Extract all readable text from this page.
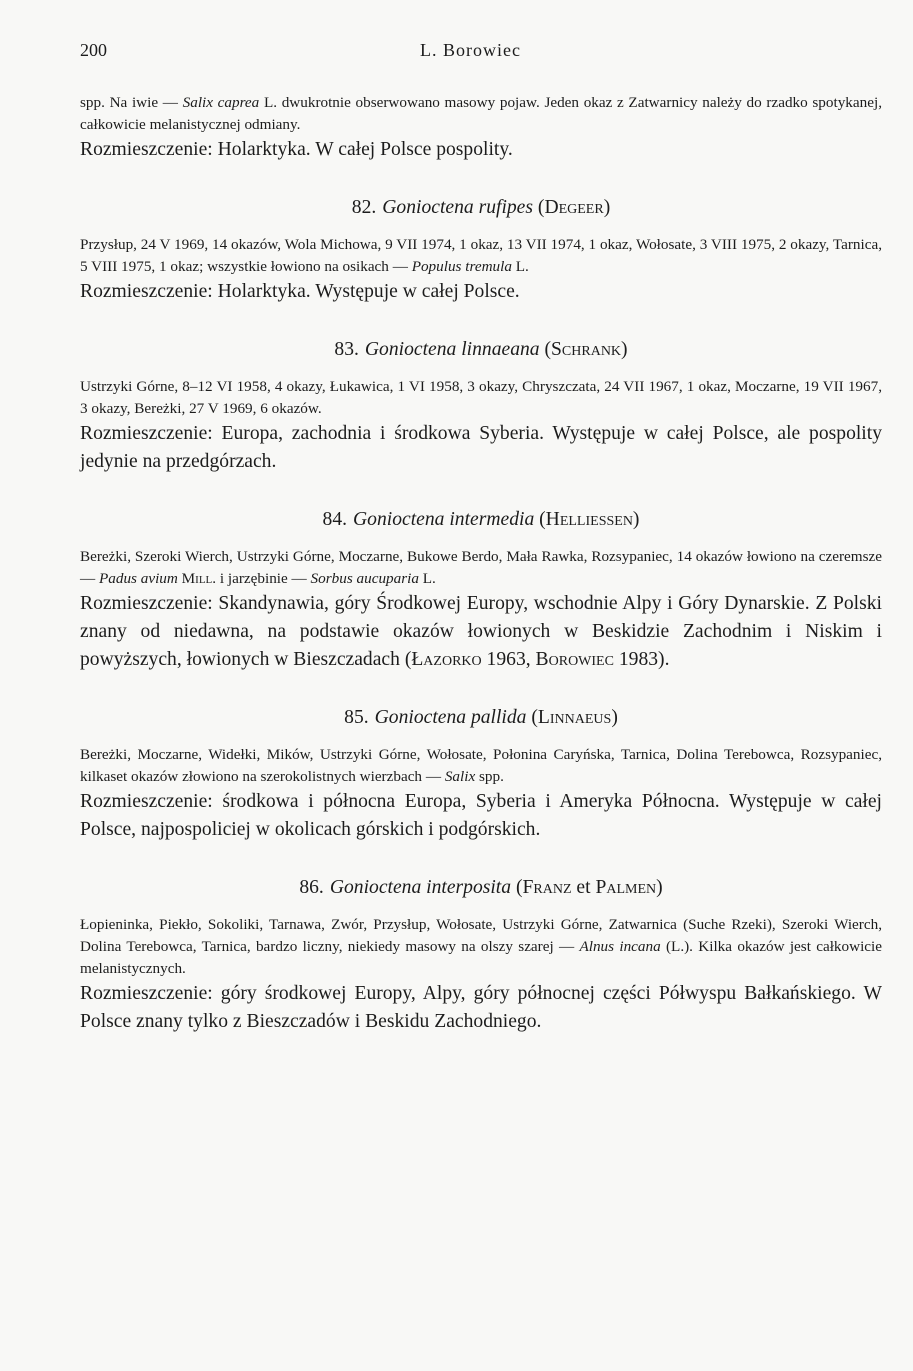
200	L. Borowiec

spp. Na iwie — Salix caprea L. dwukrotnie obserwowano masowy pojaw. Jeden okaz z Zatwarnicy należy do rzadko spotykanej, całkowicie melanistycznej odmiany.

Rozmieszczenie: Holarktyka. W całej Polsce pospolity.

82. Gonioctena rufipes (Degeer)

Przysłup, 24 V 1969, 14 okazów, Wola Michowa, 9 VII 1974, 1 okaz, 13 VII 1974, 1 okaz, Wołosate, 3 VIII 1975, 2 okazy, Tarnica, 5 VIII 1975, 1 okaz; wszystkie łowiono na osikach — Populus tremula L.

Rozmieszczenie: Holarktyka. Występuje w całej Polsce.

83. Gonioctena linnaeana (Schrank)

Ustrzyki Górne, 8–12 VI 1958, 4 okazy, Łukawica, 1 VI 1958, 3 okazy, Chryszczata, 24 VII 1967, 1 okaz, Moczarne, 19 VII 1967, 3 okazy, Bereżki, 27 V 1969, 6 okazów.

Rozmieszczenie: Europa, zachodnia i środkowa Syberia. Występuje w całej Polsce, ale pospolity jedynie na przedgórzach.

84. Gonioctena intermedia (Helliessen)

Bereżki, Szeroki Wierch, Ustrzyki Górne, Moczarne, Bukowe Berdo, Mała Rawka, Rozsypaniec, 14 okazów łowiono na czeremsze — Padus avium Mill. i jarzębinie — Sorbus aucuparia L.

Rozmieszczenie: Skandynawia, góry Środkowej Europy, wschodnie Alpy i Góry Dynarskie. Z Polski znany od niedawna, na podstawie okazów łowionych w Beskidzie Zachodnim i Niskim i powyższych, łowionych w Bieszczadach (Łazorko 1963, Borowiec 1983).

85. Gonioctena pallida (Linnaeus)

Bereżki, Moczarne, Widełki, Mików, Ustrzyki Górne, Wołosate, Połonina Caryńska, Tarnica, Dolina Terebowca, Rozsypaniec, kilkaset okazów złowiono na szerokolistnych wierzbach — Salix spp.

Rozmieszczenie: środkowa i północna Europa, Syberia i Ameryka Północna. Występuje w całej Polsce, najpospoliciej w okolicach górskich i podgórskich.

86. Gonioctena interposita (Franz et Palmen)

Łopieninka, Piekło, Sokoliki, Tarnawa, Zwór, Przysłup, Wołosate, Ustrzyki Górne, Zatwarnica (Suche Rzeki), Szeroki Wierch, Dolina Terebowca, Tarnica, bardzo liczny, niekiedy masowy na olszy szarej — Alnus incana (L.). Kilka okazów jest całkowicie melanistycznych.

Rozmieszczenie: góry środkowej Europy, Alpy, góry północnej części Półwyspu Bałkańskiego. W Polsce znany tylko z Bieszczadów i Beskidu Zachodniego.
